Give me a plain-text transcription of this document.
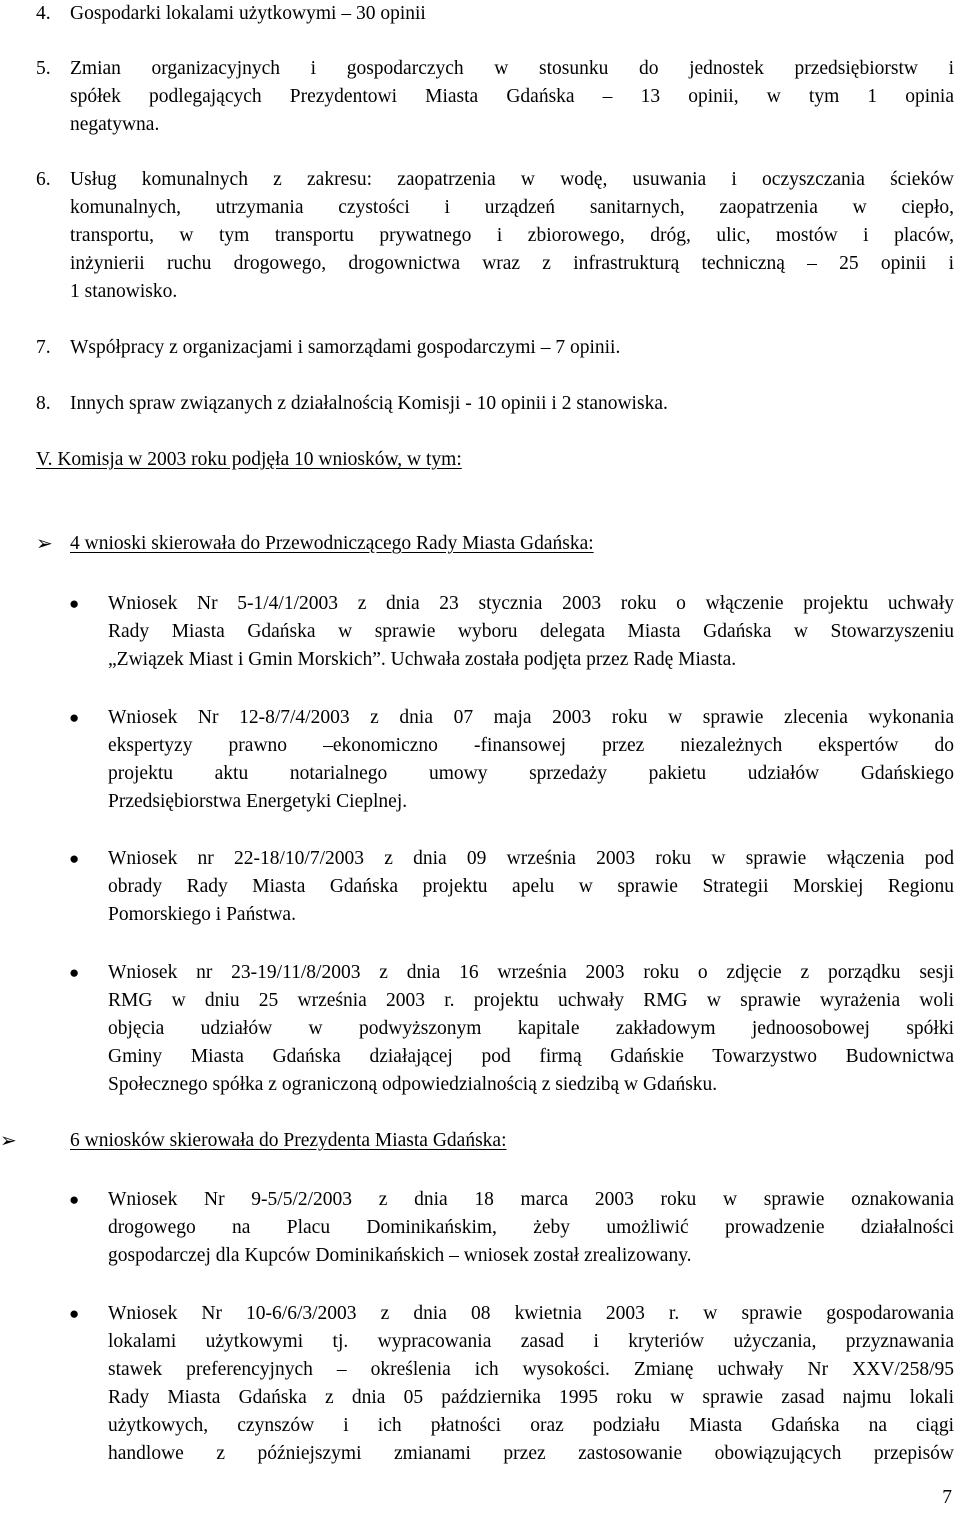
4. Gospodarki lokalami użytkowymi – 30 opinii
5. Zmian organizacyjnych i gospodarczych w stosunku do jednostek przedsiębiorstw i
spółek podlegających Prezydentowi Miasta Gdańska – 13 opinii, w tym 1 opinia
negatywna.
6. Usług komunalnych z zakresu: zaopatrzenia w wodę, usuwania i oczyszczania ścieków
komunalnych, utrzymania czystości i urządzeń sanitarnych, zaopatrzenia w ciepło,
transportu, w tym transportu prywatnego i zbiorowego, dróg, ulic, mostów i placów,
inżynierii ruchu drogowego, drogownictwa wraz z infrastrukturą techniczną – 25 opinii i
1 stanowisko.
7. Współpracy z organizacjami i samorządami gospodarczymi – 7 opinii.
8. Innych spraw związanych z działalnością Komisji - 10 opinii i 2 stanowiska.
V. Komisja w 2003 roku podjęła 10 wniosków, w tym:
➢ 4 wnioski skierowała do Przewodniczącego Rady Miasta Gdańska:
● Wniosek Nr 5-1/4/1/2003 z dnia 23 stycznia 2003 roku o włączenie projektu uchwały
Rady Miasta Gdańska w sprawie wyboru delegata Miasta Gdańska w Stowarzyszeniu
„Związek Miast i Gmin Morskich”. Uchwała została podjęta przez Radę Miasta.
● Wniosek Nr 12-8/7/4/2003 z dnia 07 maja 2003 roku w sprawie zlecenia wykonania
ekspertyzy prawno –ekonomiczno -finansowej przez niezależnych ekspertów do
projektu aktu notarialnego umowy sprzedaży pakietu udziałów Gdańskiego
Przedsiębiorstwa Energetyki Cieplnej.
● Wniosek nr 22-18/10/7/2003 z dnia 09 września 2003 roku w sprawie włączenia pod
obrady Rady Miasta Gdańska projektu apelu w sprawie Strategii Morskiej Regionu
Pomorskiego i Państwa.
● Wniosek nr 23-19/11/8/2003 z dnia 16 września 2003 roku o zdjęcie z porządku sesji
RMG w dniu 25 września 2003 r. projektu uchwały RMG w sprawie wyrażenia woli
objęcia udziałów w podwyższonym kapitale zakładowym jednoosobowej spółki
Gminy Miasta Gdańska działającej pod firmą Gdańskie Towarzystwo Budownictwa
Społecznego spółka z ograniczoną odpowiedzialnością z siedzibą w Gdańsku.
➢	6 wniosków skierowała do Prezydenta Miasta Gdańska:
● Wniosek Nr 9-5/5/2/2003 z dnia 18 marca 2003 roku w sprawie oznakowania
drogowego na Placu Dominikańskim, żeby umożliwić prowadzenie działalności
gospodarczej dla Kupców Dominikańskich – wniosek został zrealizowany.
● Wniosek Nr 10-6/6/3/2003 z dnia 08 kwietnia 2003 r. w sprawie gospodarowania
lokalami użytkowymi tj. wypracowania zasad i kryteriów użyczania, przyznawania
stawek preferencyjnych – określenia ich wysokości. Zmianę uchwały Nr XXV/258/95
Rady Miasta Gdańska z dnia 05 października 1995 roku w sprawie zasad najmu lokali
użytkowych, czynszów i ich płatności oraz podziału Miasta Gdańska na ciągi
handlowe z późniejszymi zmianami przez zastosowanie obowiązujących przepisów
7
